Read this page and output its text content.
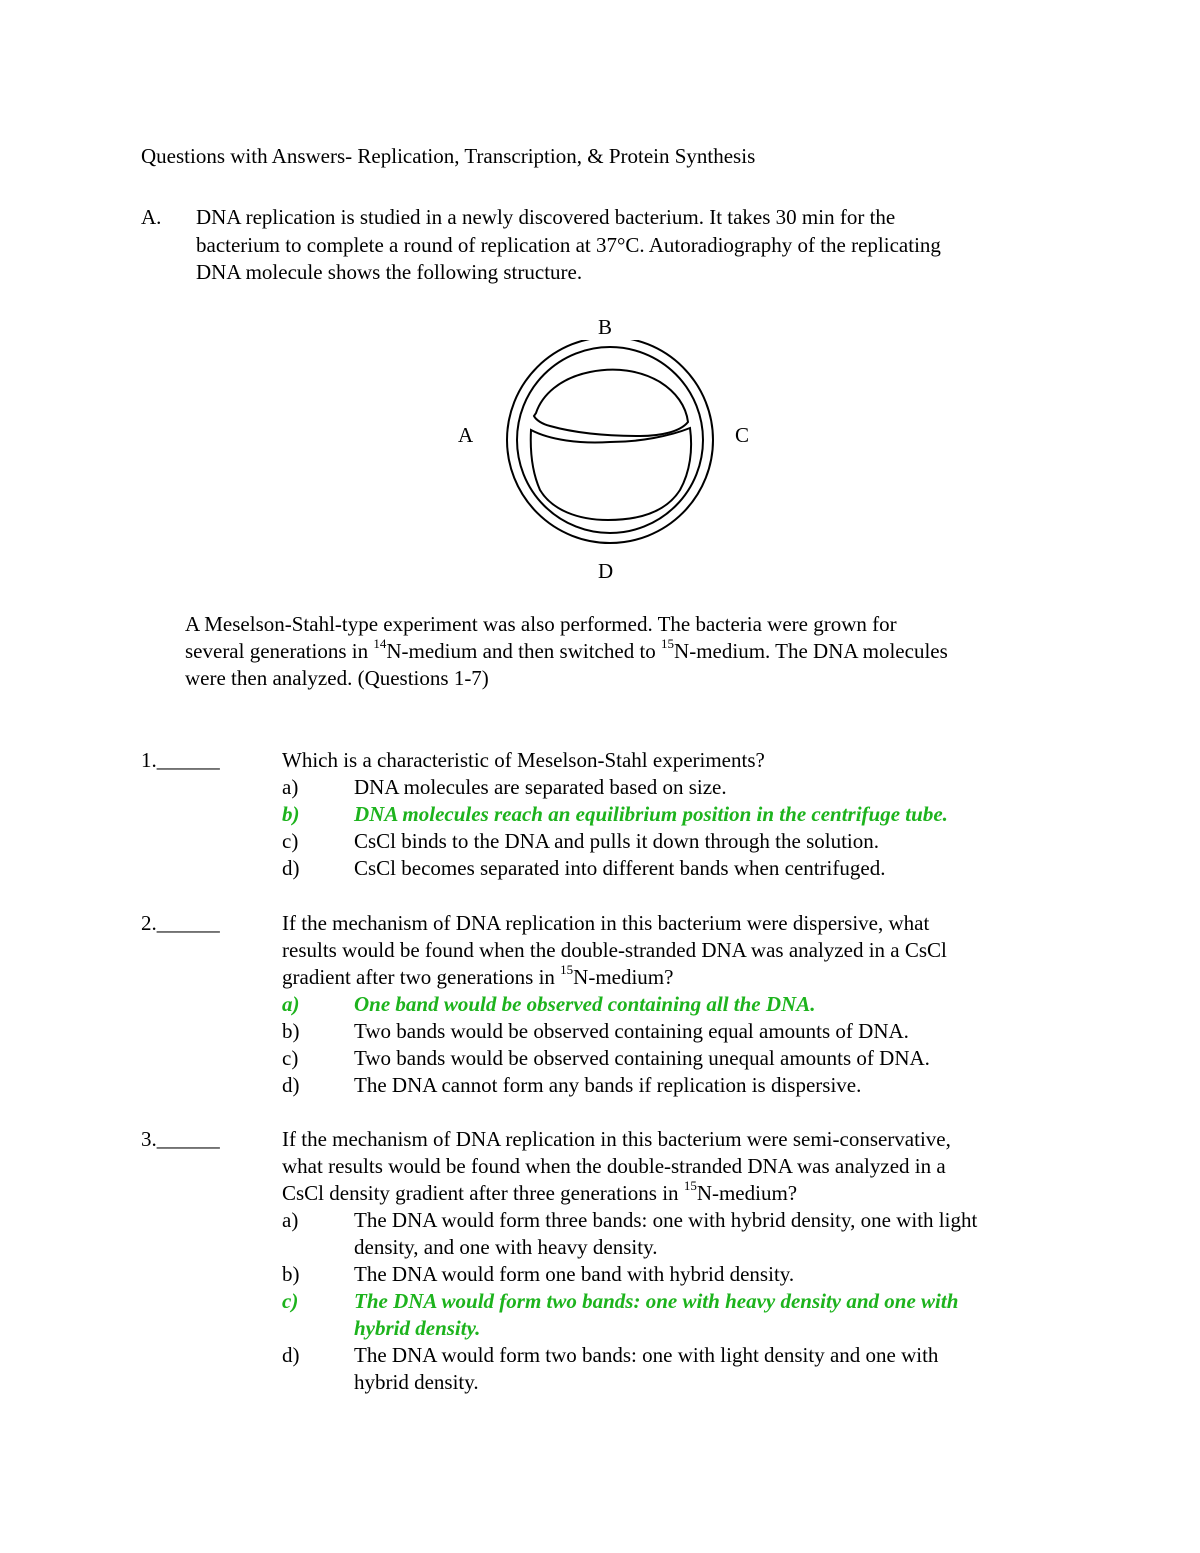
Questions with Answers- Replication, Transcription, & Protein Synthesis
A. DNA replication is studied in a newly discovered bacterium. It takes 30 min for the
bacterium to complete a round of replication at 37°C. Autoradiography of the replicating
DNA molecule shows the following structure.
B
A	C
D
A Meselson-Stahl-type experiment was also performed. The bacteria were grown for
several generations in $^{14}$N-medium and then switched to $^{15}$N-medium. The DNA molecules
were then analyzed. (Questions 1-7)
1.______	Which is a characteristic of Meselson-Stahl experiments?
a)	DNA molecules are separated based on size.
b)	DNA molecules reach an equilibrium position in the centrifuge tube.
c)	CsCl binds to the DNA and pulls it down through the solution.
d)	CsCl becomes separated into different bands when centrifuged.
2.______	If the mechanism of DNA replication in this bacterium were dispersive, what
results would be found when the double-stranded DNA was analyzed in a CsCl
gradient after two generations in $^{15}$N-medium?
a)	One band would be observed containing all the DNA.
b)	Two bands would be observed containing equal amounts of DNA.
c)	Two bands would be observed containing unequal amounts of DNA.
d)	The DNA cannot form any bands if replication is dispersive.
3.______	If the mechanism of DNA replication in this bacterium were semi-conservative,
what results would be found when the double-stranded DNA was analyzed in a
CsCl density gradient after three generations in $^{15}$N-medium?
a)	The DNA would form three bands: one with hybrid density, one with light
density, and one with heavy density.
b)	The DNA would form one band with hybrid density.
c)	The DNA would form two bands: one with heavy density and one with
hybrid density.
d)	The DNA would form two bands: one with light density and one with
hybrid density.
